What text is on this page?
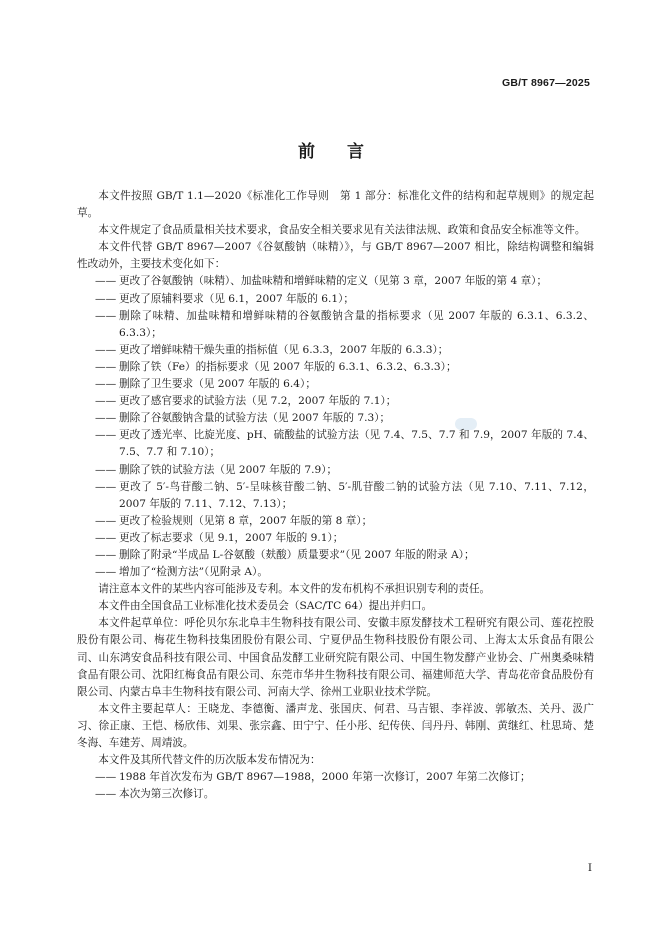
GB/T 8967—2025
前 言

本文件按照 GB/T 1.1—2020《标准化工作导则　第 1 部分：标准化文件的结构和起草规则》的规定起草。

本文件规定了食品质量相关技术要求，食品安全相关要求见有关法律法规、政策和食品安全标准等文件。

本文件代替 GB/T 8967—2007《谷氨酸钠（味精）》，与 GB/T 8967—2007 相比，除结构调整和编辑性改动外，主要技术变化如下：

—— 更改了谷氨酸钠（味精）、加盐味精和增鲜味精的定义（见第 3 章，2007 年版的第 4 章）；

—— 更改了原辅料要求（见 6.1，2007 年版的 6.1）；

—— 删除了味精、加盐味精和增鲜味精的谷氨酸钠含量的指标要求（见 2007 年版的 6.3.1、6.3.2、6.3.3）；

—— 更改了增鲜味精干燥失重的指标值（见 6.3.3，2007 年版的 6.3.3）；

—— 删除了铁（Fe）的指标要求（见 2007 年版的 6.3.1、6.3.2、6.3.3）；

—— 删除了卫生要求（见 2007 年版的 6.4）；

—— 更改了感官要求的试验方法（见 7.2，2007 年版的 7.1）；

—— 删除了谷氨酸钠含量的试验方法（见 2007 年版的 7.3）；

—— 更改了透光率、比旋光度、pH、硫酸盐的试验方法（见 7.4、7.5、7.7 和 7.9，2007 年版的 7.4、7.5、7.7 和 7.10）；

—— 删除了铁的试验方法（见 2007 年版的 7.9）；

—— 更改了 5′-鸟苷酸二钠、5′-呈味核苷酸二钠、5′-肌苷酸二钠的试验方法（见 7.10、7.11、7.12，2007 年版的 7.11、7.12、7.13）；

—— 更改了检验规则（见第 8 章，2007 年版的第 8 章）；

—— 更改了标志要求（见 9.1，2007 年版的 9.1）；

—— 删除了附录“半成品 L-谷氨酸（麸酸）质量要求”（见 2007 年版的附录 A）；

—— 增加了“检测方法”（见附录 A）。

请注意本文件的某些内容可能涉及专利。本文件的发布机构不承担识别专利的责任。

本文件由全国食品工业标准化技术委员会（SAC/TC 64）提出并归口。

本文件起草单位：呼伦贝尔东北阜丰生物科技有限公司、安徽丰原发酵技术工程研究有限公司、莲花控股股份有限公司、梅花生物科技集团股份有限公司、宁夏伊品生物科技股份有限公司、上海太太乐食品有限公司、山东鸿安食品科技有限公司、中国食品发酵工业研究院有限公司、中国生物发酵产业协会、广州奥桑味精食品有限公司、沈阳红梅食品有限公司、东莞市华井生物科技有限公司、福建师范大学、青岛花帝食品股份有限公司、内蒙古阜丰生物科技有限公司、河南大学、徐州工业职业技术学院。

本文件主要起草人：王晓龙、李德衡、潘声龙、张国庆、何君、马吉银、李祥波、郭敏杰、关丹、汲广习、徐正康、王恺、杨欣伟、刘果、张宗鑫、田宁宁、任小彤、纪传侠、闫丹丹、韩刚、黄继红、杜思琦、楚冬海、车建芳、周靖波。

本文件及其所代替文件的历次版本发布情况为：

—— 1988 年首次发布为 GB/T 8967—1988，2000 年第一次修订，2007 年第二次修订；

—— 本次为第三次修订。

I
